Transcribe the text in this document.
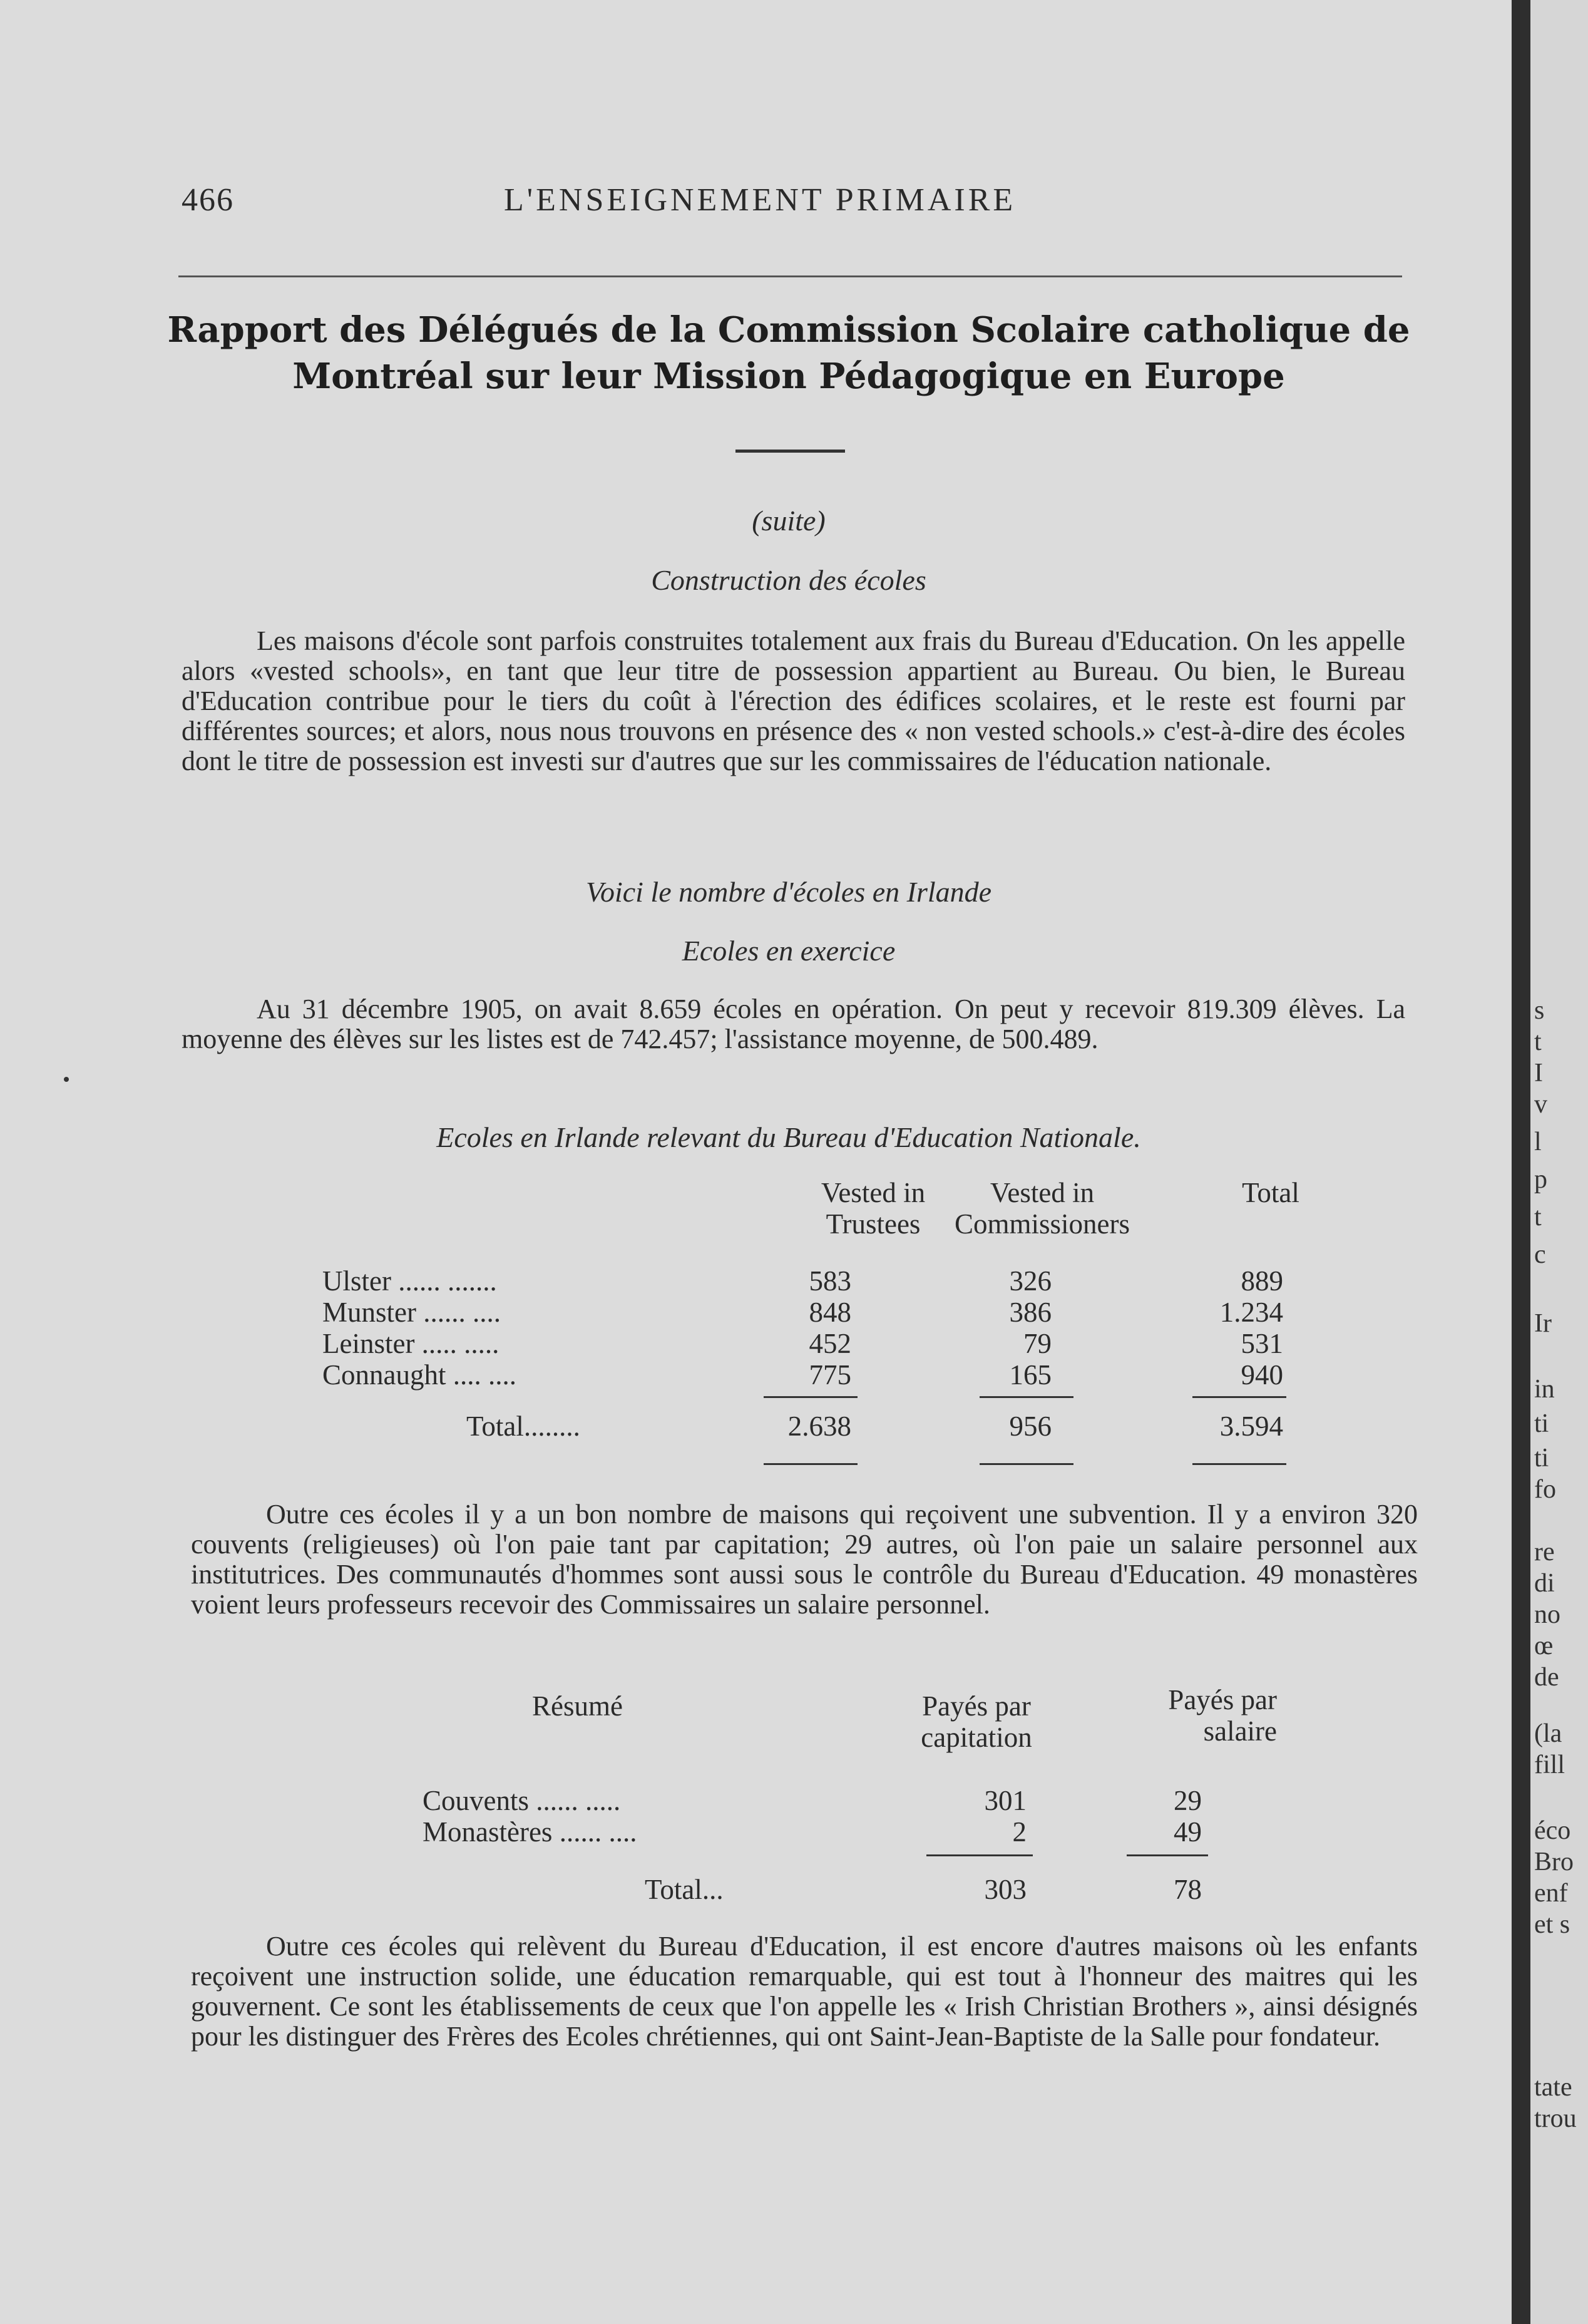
466	L'ENSEIGNEMENT PRIMAIRE
Rapport des Délégués de la Commission Scolaire catholique de
Montréal sur leur Mission Pédagogique en Europe
(suite)
Construction des écoles

Les maisons d'école sont parfois construites totalement aux frais du Bureau d'Education. On les appelle alors «vested schools», en tant que leur titre de possession appartient au Bureau. Ou bien, le Bureau d'Education contribue pour le tiers du coût à l'érection des édifices scolaires, et le reste est fourni par différentes sources; et alors, nous nous trouvons en présence des « non vested schools.» c'est-à-dire des écoles dont le titre de possession est investi sur d'autres que sur les commissaires de l'éducation nationale.

Voici le nombre d'écoles en Irlande
Ecoles en exercice

Au 31 décembre 1905, on avait 8.659 écoles en opération. On peut y recevoir 819.309 élèves. La moyenne des élèves sur les listes est de 742.457; l'assistance moyenne, de 500.489.

Ecoles en Irlande relevant du Bureau d'Education Nationale.
Vested in
Trustees
Vested in
Commissioners
Total
Ulster ...... .......	583	326	889
Munster ...... ....	848	386	1.234
Leinster ..... .....	452	79	531
Connaught .... ....	775	165	940
Total........	2.638	956	3.594

Outre ces écoles il y a un bon nombre de maisons qui reçoivent une subvention. Il y a environ 320 couvents (religieuses) où l'on paie tant par capitation; 29 autres, où l'on paie un salaire personnel aux institutrices. Des communautés d'hommes sont aussi sous le contrôle du Bureau d'Education. 49 monastères voient leurs professeurs recevoir des Commissaires un salaire personnel.

Résumé	Payés par
capitation
Payés par
salaire
Couvents ...... .....	301	29
Monastères ...... ....	2	49
Total...	303	78

Outre ces écoles qui relèvent du Bureau d'Education, il est encore d'autres maisons où les enfants reçoivent une instruction solide, une éducation remarquable, qui est tout à l'honneur des maitres qui les gouvernent. Ce sont les établissements de ceux que l'on appelle les « Irish Christian Brothers », ainsi désignés pour les distinguer des Frères des Ecoles chrétiennes, qui ont Saint-Jean-Baptiste de la Salle pour fondateur.

s
t
I
v
l
p
t
c
Ir
in
ti
ti
fo
re
di
no
œ
de
(la
fill
éco
Bro
enf
et s
tate
trou
